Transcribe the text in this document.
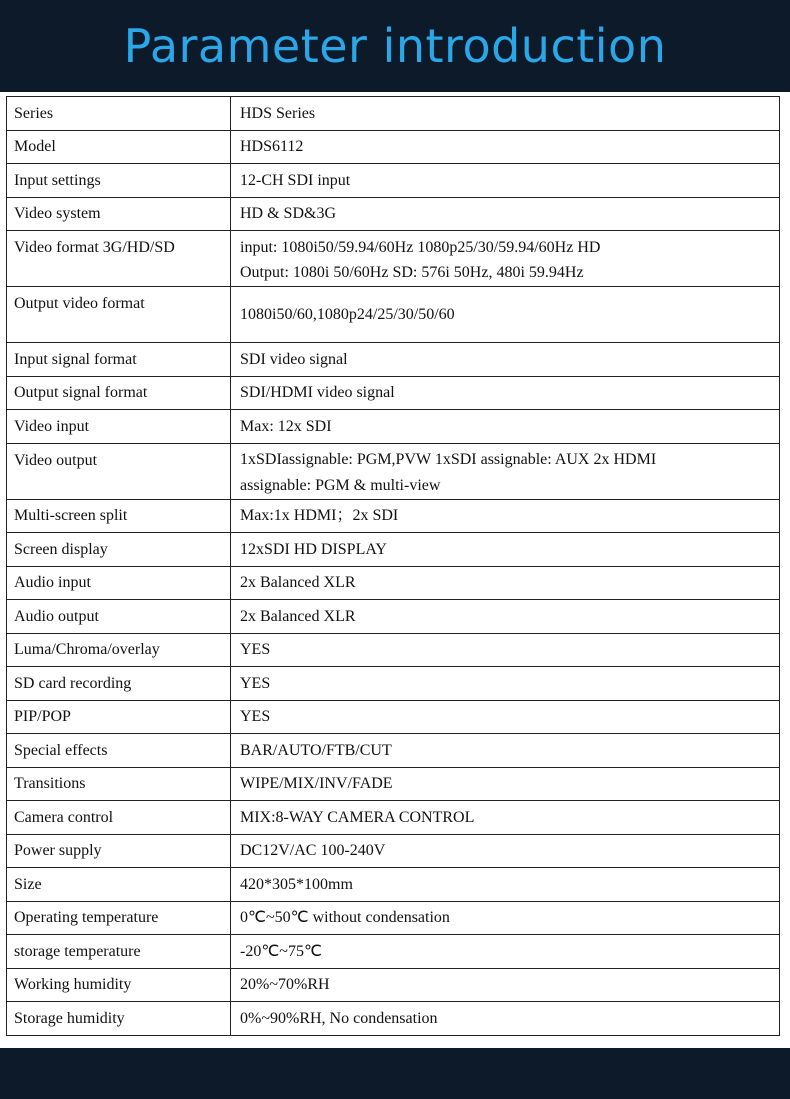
Parameter introduction
Series	HDS Series
Model	HDS6112
Input settings	12-CH SDI input
Video system	HD & SD&3G
Video format 3G/HD/SD	input: 1080i50/59.94/60Hz 1080p25/30/59.94/60Hz HD
Output: 1080i 50/60Hz SD: 576i 50Hz, 480i 59.94Hz

Output video format	1080i50/60,1080p24/25/30/50/60
Input signal format	SDI video signal
Output signal format	SDI/HDMI video signal
Video input	Max: 12x SDI
Video output	1xSDIassignable: PGM,PVW 1xSDI assignable: AUX 2x HDMI
assignable: PGM & multi-view

Multi-screen split	Max:1x HDMI；2x SDI
Screen display	12xSDI HD DISPLAY
Audio input	2x Balanced XLR
Audio output	2x Balanced XLR
Luma/Chroma/overlay	YES
SD card recording	YES
PIP/POP	YES
Special effects	BAR/AUTO/FTB/CUT
Transitions	WIPE/MIX/INV/FADE
Camera control	MIX:8-WAY CAMERA CONTROL
Power supply	DC12V/AC 100-240V
Size	420*305*100mm
Operating temperature	0℃~50℃ without condensation
storage temperature	-20℃~75℃
Working humidity	20%~70%RH
Storage humidity	0%~90%RH, No condensation
